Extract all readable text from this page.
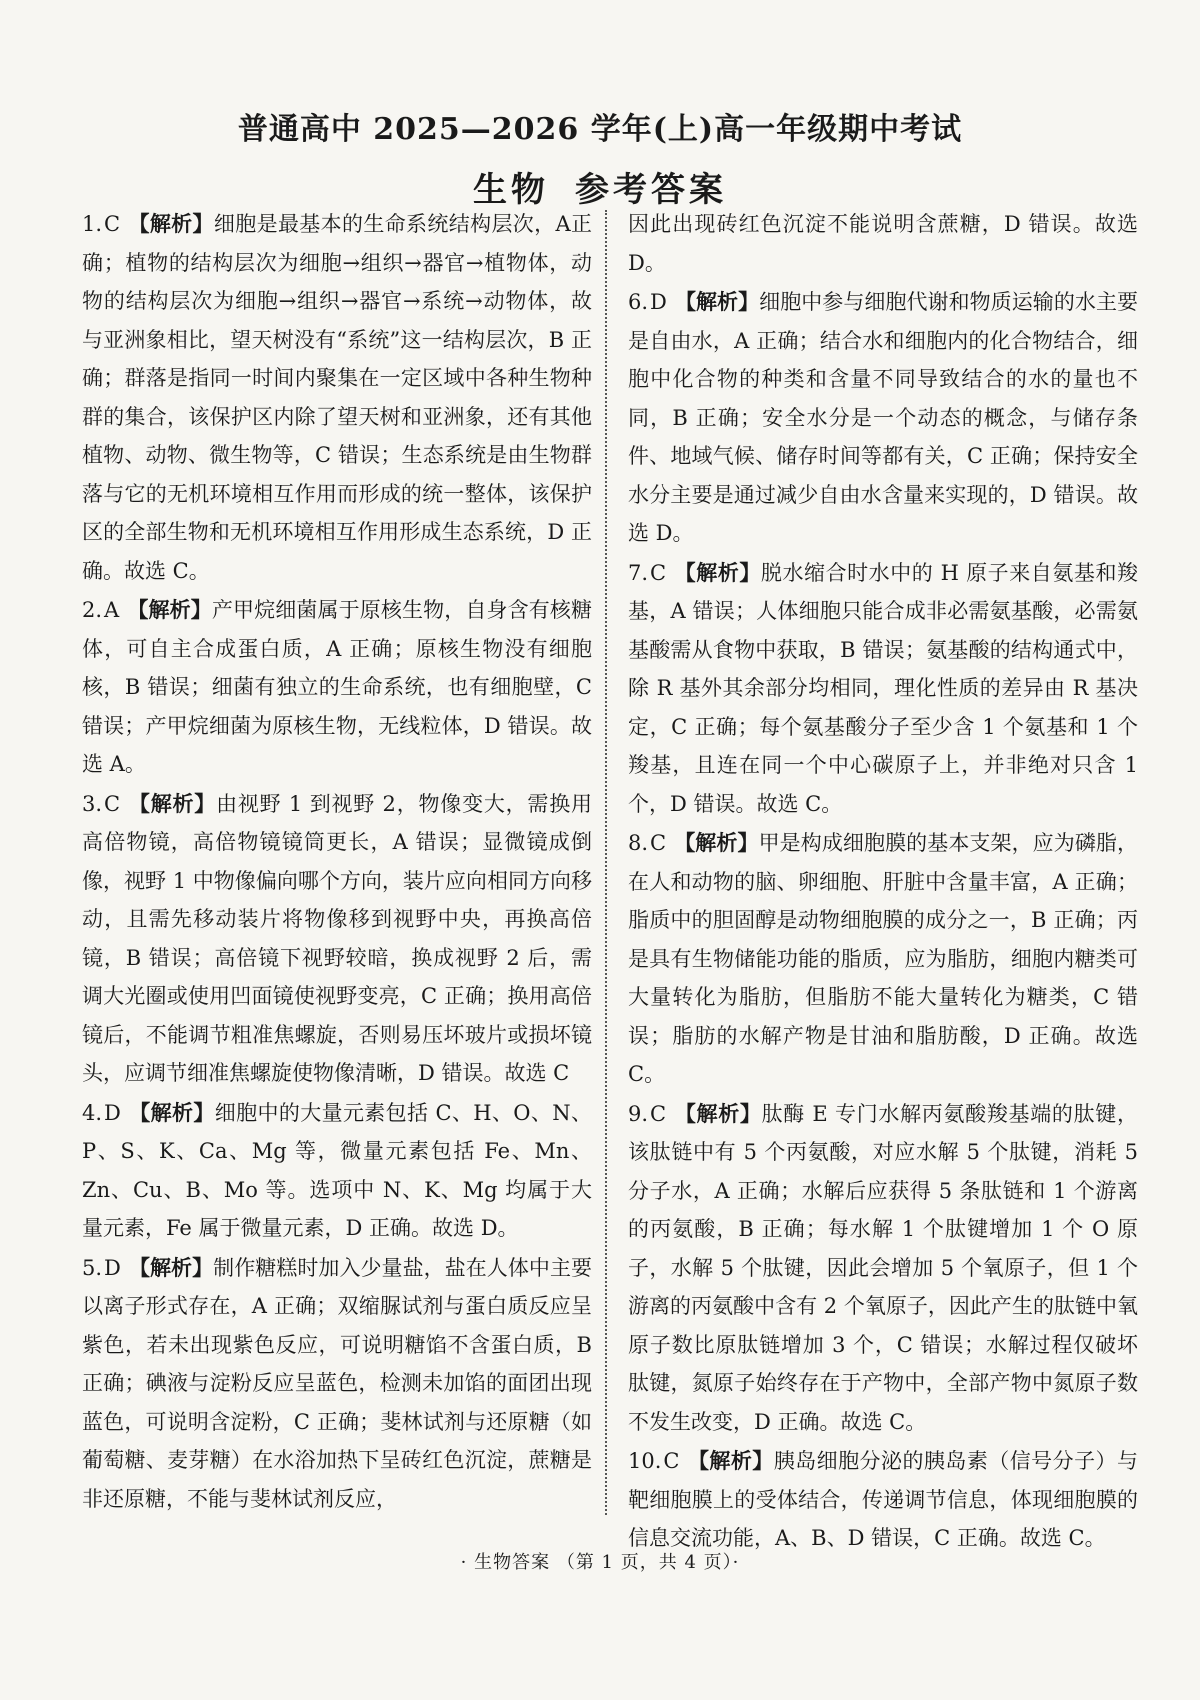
普通高中 2025—2026 学年(上)高一年级期中考试
生物 参考答案
1.C 【解析】细胞是最基本的生命系统结构层次，A正确；植物的结构层次为细胞→组织→器官→植物体，动物的结构层次为细胞→组织→器官→系统→动物体，故与亚洲象相比，望天树没有“系统”这一结构层次，B 正确；群落是指同一时间内聚集在一定区域中各种生物种群的集合，该保护区内除了望天树和亚洲象，还有其他植物、动物、微生物等，C 错误；生态系统是由生物群落与它的无机环境相互作用而形成的统一整体，该保护区的全部生物和无机环境相互作用形成生态系统，D 正确。故选 C。
2.A 【解析】产甲烷细菌属于原核生物，自身含有核糖体，可自主合成蛋白质，A 正确；原核生物没有细胞核，B 错误；细菌有独立的生命系统，也有细胞壁，C 错误；产甲烷细菌为原核生物，无线粒体，D 错误。故选 A。
3.C 【解析】由视野 1 到视野 2，物像变大，需换用高倍物镜，高倍物镜镜筒更长，A 错误；显微镜成倒像，视野 1 中物像偏向哪个方向，装片应向相同方向移动，且需先移动装片将物像移到视野中央，再换高倍镜，B 错误；高倍镜下视野较暗，换成视野 2 后，需调大光圈或使用凹面镜使视野变亮，C 正确；换用高倍镜后，不能调节粗准焦螺旋，否则易压坏玻片或损坏镜头，应调节细准焦螺旋使物像清晰，D 错误。故选 C
4.D 【解析】细胞中的大量元素包括 C、H、O、N、P、S、K、Ca、Mg 等，微量元素包括 Fe、Mn、Zn、Cu、B、Mo 等。选项中 N、K、Mg 均属于大量元素，Fe 属于微量元素，D 正确。故选 D。
5.D 【解析】制作糖糕时加入少量盐，盐在人体中主要以离子形式存在，A 正确；双缩脲试剂与蛋白质反应呈紫色，若未出现紫色反应，可说明糖馅不含蛋白质，B 正确；碘液与淀粉反应呈蓝色，检测未加馅的面团出现蓝色，可说明含淀粉，C 正确；斐林试剂与还原糖（如葡萄糖、麦芽糖）在水浴加热下呈砖红色沉淀，蔗糖是非还原糖，不能与斐林试剂反应，
因此出现砖红色沉淀不能说明含蔗糖，D 错误。故选 D。
6.D 【解析】细胞中参与细胞代谢和物质运输的水主要是自由水，A 正确；结合水和细胞内的化合物结合，细胞中化合物的种类和含量不同导致结合的水的量也不同，B 正确；安全水分是一个动态的概念，与储存条件、地域气候、储存时间等都有关，C 正确；保持安全水分主要是通过减少自由水含量来实现的，D 错误。故选 D。
7.C 【解析】脱水缩合时水中的 H 原子来自氨基和羧基，A 错误；人体细胞只能合成非必需氨基酸，必需氨基酸需从食物中获取，B 错误；氨基酸的结构通式中，除 R 基外其余部分均相同，理化性质的差异由 R 基决定，C 正确；每个氨基酸分子至少含 1 个氨基和 1 个羧基，且连在同一个中心碳原子上，并非绝对只含 1 个，D 错误。故选 C。
8.C 【解析】甲是构成细胞膜的基本支架，应为磷脂，在人和动物的脑、卵细胞、肝脏中含量丰富，A 正确；脂质中的胆固醇是动物细胞膜的成分之一，B 正确；丙是具有生物储能功能的脂质，应为脂肪，细胞内糖类可大量转化为脂肪，但脂肪不能大量转化为糖类，C 错误；脂肪的水解产物是甘油和脂肪酸，D 正确。故选 C。
9.C 【解析】肽酶 E 专门水解丙氨酸羧基端的肽键，该肽链中有 5 个丙氨酸，对应水解 5 个肽键，消耗 5 分子水，A 正确；水解后应获得 5 条肽链和 1 个游离的丙氨酸，B 正确；每水解 1 个肽键增加 1 个 O 原子，水解 5 个肽键，因此会增加 5 个氧原子，但 1 个游离的丙氨酸中含有 2 个氧原子，因此产生的肽链中氧原子数比原肽链增加 3 个，C 错误；水解过程仅破坏肽键，氮原子始终存在于产物中，全部产物中氮原子数不发生改变，D 正确。故选 C。
10.C 【解析】胰岛细胞分泌的胰岛素（信号分子）与靶细胞膜上的受体结合，传递调节信息，体现细胞膜的信息交流功能，A、B、D 错误，C 正确。故选 C。
· 生物答案 （第 1 页，共 4 页）·
